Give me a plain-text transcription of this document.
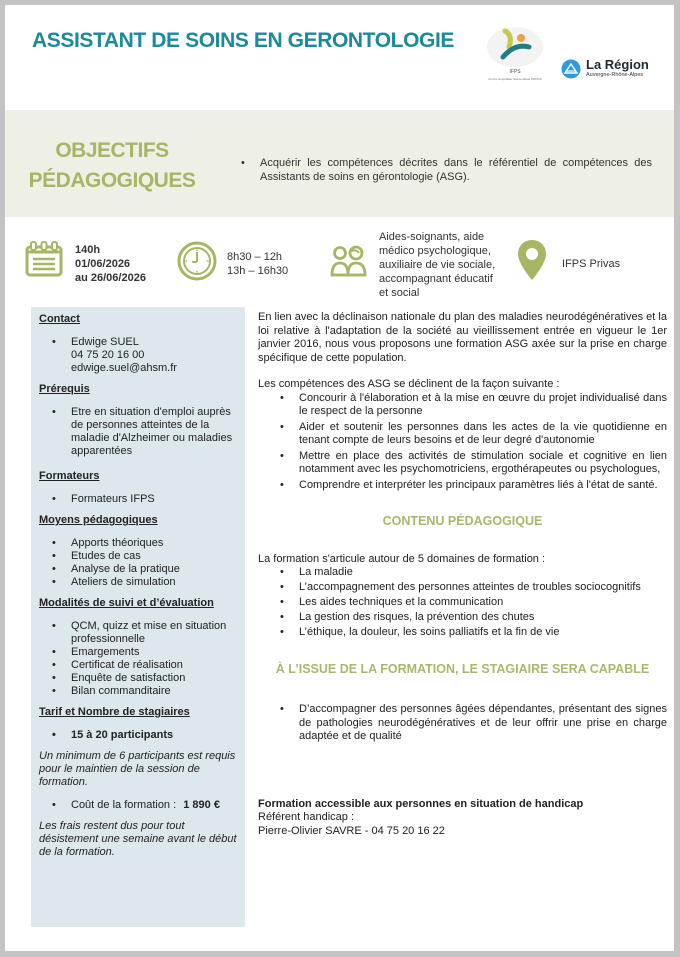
ASSISTANT DE SOINS EN GERONTOLOGIE
IFPS
Centre Hospitalier Sainte-Marie PRIVAS
La Région
Auvergne-Rhône-Alpes
OBJECTIFS
PÉDAGOGIQUES
• Acquérir les compétences décrites dans le référentiel de compétences des Assistants de soins en gérontologie (ASG).
140h
01/06/2026
au 26/06/2026
8h30 – 12h
13h – 16h30
Aides-soignants, aide
médico psychologique,
auxiliaire de vie sociale,
accompagnant éducatif
et social
IFPS Privas
Contact
• Edwige SUEL
04 75 20 16 00
edwige.suel@ahsm.fr
Prérequis
• Etre en situation d'emploi auprès de personnes atteintes de la maladie d'Alzheimer ou maladies apparentées
Formateurs
• Formateurs IFPS
Moyens pédagogiques
• Apports théoriques
• Etudes de cas
• Analyse de la pratique
• Ateliers de simulation
Modalités de suivi et d’évaluation
• QCM, quizz et mise en situation professionnelle
• Emargements
• Certificat de réalisation
• Enquête de satisfaction
• Bilan commanditaire
Tarif et Nombre de stagiaires
• 15 à 20 participants

Un minimum de 6 participants est requis pour le maintien de la session de formation.

• Coût de la formation : 1 890 €

Les frais restent dus pour tout désistement une semaine avant le début de la formation.

En lien avec la déclinaison nationale du plan des maladies neurodégénératives et la loi relative à l'adaptation de la société au vieillissement entrée en vigueur le 1er janvier 2016, nous vous proposons une formation ASG axée sur la prise en charge spécifique de cette population.

Les compétences des ASG se déclinent de la façon suivante :

• Concourir à l'élaboration et à la mise en œuvre du projet individualisé dans le respect de la personne
• Aider et soutenir les personnes dans les actes de la vie quotidienne en tenant compte de leurs besoins et de leur degré d'autonomie
• Mettre en place des activités de stimulation sociale et cognitive en lien notamment avec les psychomotriciens, ergothérapeutes ou psychologues,
• Comprendre et interpréter les principaux paramètres liés à l'état de santé.
CONTENU PÉDAGOGIQUE

La formation s'articule autour de 5 domaines de formation :

• La maladie
• L’accompagnement des personnes atteintes de troubles sociocognitifs
• Les aides techniques et la communication
• La gestion des risques, la prévention des chutes
• L’éthique, la douleur, les soins palliatifs et la fin de vie
À L’ISSUE DE LA FORMATION, LE STAGIAIRE SERA CAPABLE
• D’accompagner des personnes âgées dépendantes, présentant des signes de pathologies neurodégénératives et de leur offrir une prise en charge adaptée et de qualité

Formation accessible aux personnes en situation de handicap

Référent handicap :

Pierre-Olivier SAVRE - 04 75 20 16 22
